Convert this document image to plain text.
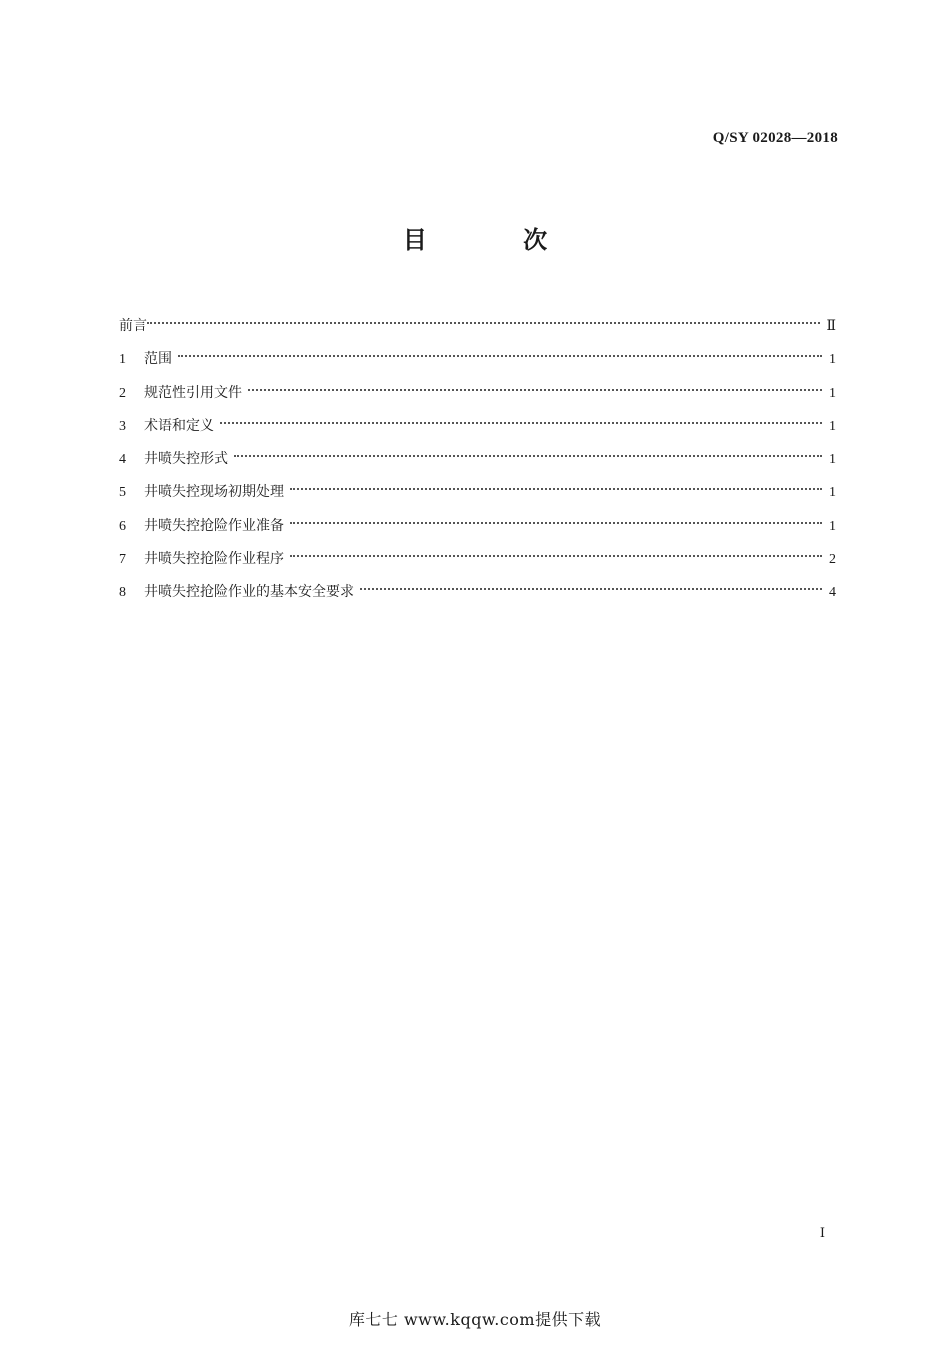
Q/SY 02028—2018
目 次
前言	Ⅱ
1	范围	1
2	规范性引用文件	1
3	术语和定义	1
4	井喷失控形式	1
5	井喷失控现场初期处理	1
6	井喷失控抢险作业准备	1
7	井喷失控抢险作业程序	2
8	井喷失控抢险作业的基本安全要求	4
Ⅰ
库七七 www.kqqw.com提供下载
